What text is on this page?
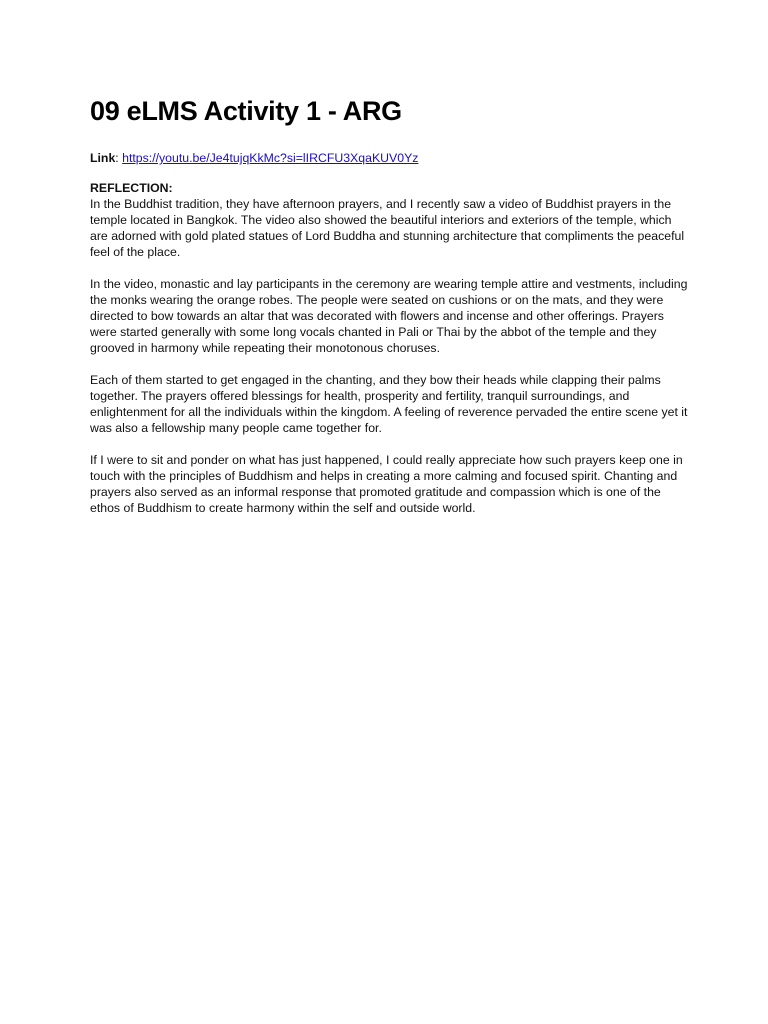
09 eLMS Activity 1 - ARG
Link: https://youtu.be/Je4tujqKkMc?si=lIRCFU3XqaKUV0Yz
REFLECTION:

In the Buddhist tradition, they have afternoon prayers, and I recently saw a video of Buddhist prayers in the temple located in Bangkok. The video also showed the beautiful interiors and exteriors of the temple, which are adorned with gold plated statues of Lord Buddha and stunning architecture that compliments the peaceful feel of the place.

In the video, monastic and lay participants in the ceremony are wearing temple attire and vestments, including the monks wearing the orange robes. The people were seated on cushions or on the mats, and they were directed to bow towards an altar that was decorated with flowers and incense and other offerings. Prayers were started generally with some long vocals chanted in Pali or Thai by the abbot of the temple and they grooved in harmony while repeating their monotonous choruses.

Each of them started to get engaged in the chanting, and they bow their heads while clapping their palms together. The prayers offered blessings for health, prosperity and fertility, tranquil surroundings, and enlightenment for all the individuals within the kingdom. A feeling of reverence pervaded the entire scene yet it was also a fellowship many people came together for.

If I were to sit and ponder on what has just happened, I could really appreciate how such prayers keep one in touch with the principles of Buddhism and helps in creating a more calming and focused spirit. Chanting and prayers also served as an informal response that promoted gratitude and compassion which is one of the ethos of Buddhism to create harmony within the self and outside world.
